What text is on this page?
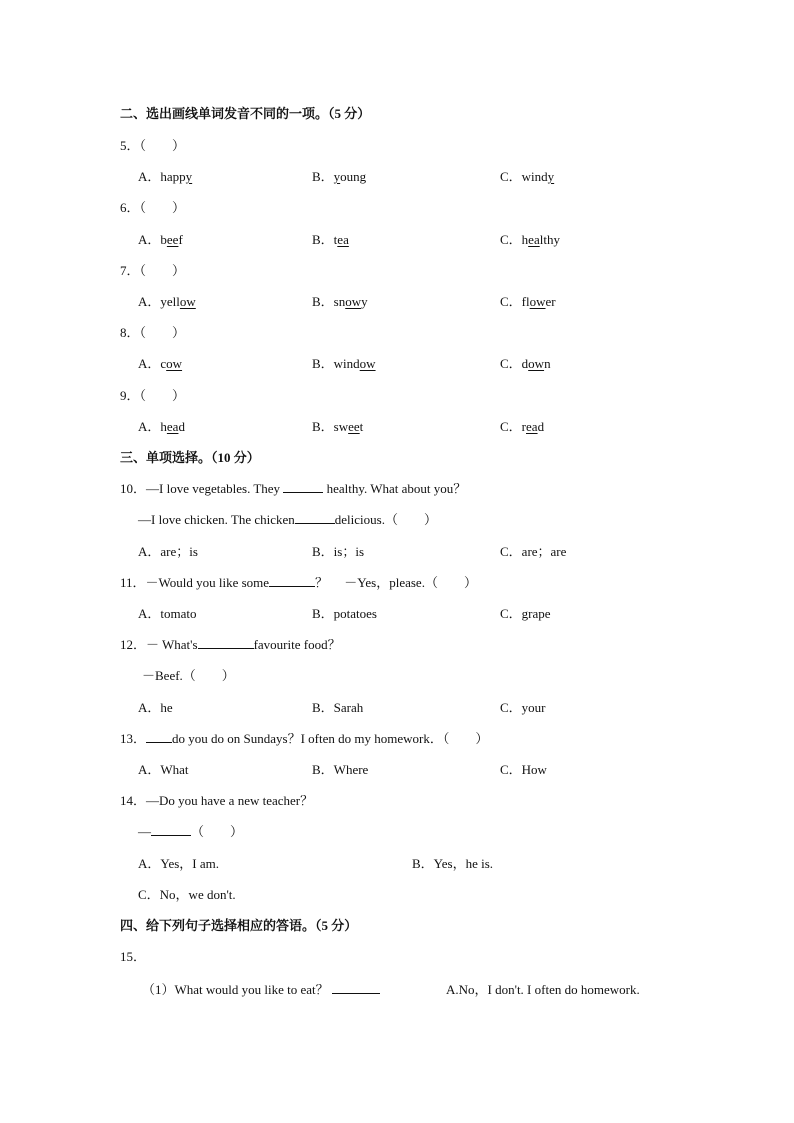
二、选出画线单词发音不同的一项。（5 分）
5．（　　）
A．happy	B．young	C．windy
6．（　　）
A．beef	B．tea	C．healthy
7．（　　）
A．yellow	B．snowy	C．flower
8．（　　）
A．cow	B．window	C．down
9．（　　）
A．head	B．sweet	C．read
三、单项选择。（10 分）
10．—I love vegetables. They	healthy. What about you？
—I love chicken. The chicken	delicious.（　　）
A．are；is	B．is；is	C．are；are
11．－Would you like some	？　 －Yes，please.（　　）
A．tomato	B．potatoes	C．grape
12．－ What's	favourite food？
－Beef.（　　）
A．he	B．Sarah	C．your
13． do you do on Sundays？I often do my homework．（　　）
A．What	B．Where	C．How
14．—Do you have a new teacher？
—	（　　）
A．Yes，I am.	B．Yes，he is.
C．No，we don't.
四、给下列句子选择相应的答语。（5 分）
15．
（1）What would you like to eat？	A.No，I don't. I often do homework.
